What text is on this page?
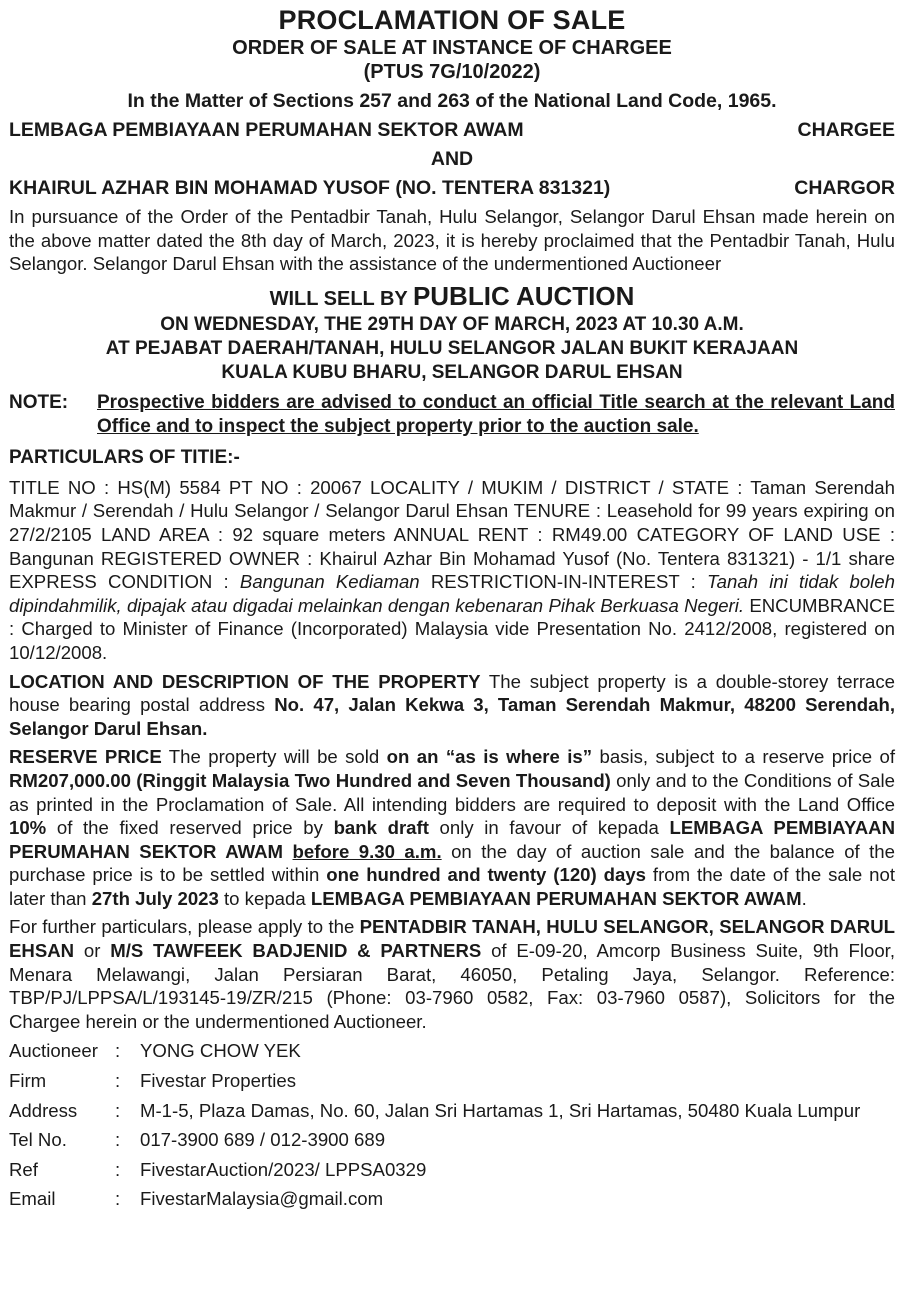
PROCLAMATION OF SALE
ORDER OF SALE AT INSTANCE OF CHARGEE
(PTUS 7G/10/2022)
In the Matter of Sections 257 and 263 of the National Land Code, 1965.
LEMBAGA PEMBIAYAAN PERUMAHAN SEKTOR AWAM	CHARGEE
AND
KHAIRUL AZHAR BIN MOHAMAD YUSOF (NO. TENTERA 831321)	CHARGOR

In pursuance of the Order of the Pentadbir Tanah, Hulu Selangor, Selangor Darul Ehsan made herein on the above matter dated the 8th day of March, 2023, it is hereby proclaimed that the Pentadbir Tanah, Hulu Selangor. Selangor Darul Ehsan with the assistance of the undermentioned Auctioneer

WILL SELL BY PUBLIC AUCTION
ON WEDNESDAY, THE 29TH DAY OF MARCH, 2023 AT 10.30 A.M.
AT PEJABAT DAERAH/TANAH, HULU SELANGOR JALAN BUKIT KERAJAAN
KUALA KUBU BHARU, SELANGOR DARUL EHSAN
NOTE:	Prospective bidders are advised to conduct an official Title search at the relevant Land Office and to inspect the subject property prior to the auction sale.
PARTICULARS OF TITIE:-

TITLE NO : HS(M) 5584 PT NO : 20067 LOCALITY / MUKIM / DISTRICT / STATE : Taman Serendah Makmur / Serendah / Hulu Selangor / Selangor Darul Ehsan TENURE : Leasehold for 99 years expiring on 27/2/2105 LAND AREA : 92 square meters ANNUAL RENT : RM49.00 CATEGORY OF LAND USE : Bangunan REGISTERED OWNER : Khairul Azhar Bin Mohamad Yusof (No. Tentera 831321) - 1/1 share EXPRESS CONDITION : Bangunan Kediaman RESTRICTION-IN-INTEREST : Tanah ini tidak boleh dipindahmilik, dipajak atau digadai melainkan dengan kebenaran Pihak Berkuasa Negeri. ENCUMBRANCE : Charged to Minister of Finance (Incorporated) Malaysia vide Presentation No. 2412/2008, registered on 10/12/2008.

LOCATION AND DESCRIPTION OF THE PROPERTY The subject property is a double-storey terrace house bearing postal address No. 47, Jalan Kekwa 3, Taman Serendah Makmur, 48200 Serendah, Selangor Darul Ehsan.

RESERVE PRICE The property will be sold on an “as is where is” basis, subject to a reserve price of RM207,000.00 (Ringgit Malaysia Two Hundred and Seven Thousand) only and to the Conditions of Sale as printed in the Proclamation of Sale. All intending bidders are required to deposit with the Land Office 10% of the fixed reserved price by bank draft only in favour of kepada LEMBAGA PEMBIAYAAN PERUMAHAN SEKTOR AWAM before 9.30 a.m. on the day of auction sale and the balance of the purchase price is to be settled within one hundred and twenty (120) days from the date of the sale not later than 27th July 2023 to kepada LEMBAGA PEMBIAYAAN PERUMAHAN SEKTOR AWAM.

For further particulars, please apply to the PENTADBIR TANAH, HULU SELANGOR, SELANGOR DARUL EHSAN or M/S TAWFEEK BADJENID & PARTNERS of E-09-20, Amcorp Business Suite, 9th Floor, Menara Melawangi, Jalan Persiaran Barat, 46050, Petaling Jaya, Selangor. Reference: TBP/PJ/LPPSA/L/193145-19/ZR/215 (Phone: 03-7960 0582, Fax: 03-7960 0587), Solicitors for the Chargee herein or the undermentioned Auctioneer.

Auctioneer :	YONG CHOW YEK
Firm	:	Fivestar Properties
Address	:	M-1-5, Plaza Damas, No. 60, Jalan Sri Hartamas 1, Sri Hartamas, 50480 Kuala Lumpur
Tel No.	:	017-3900 689 / 012-3900 689
Ref	:	FivestarAuction/2023/ LPPSA0329
Email	:	FivestarMalaysia@gmail.com
